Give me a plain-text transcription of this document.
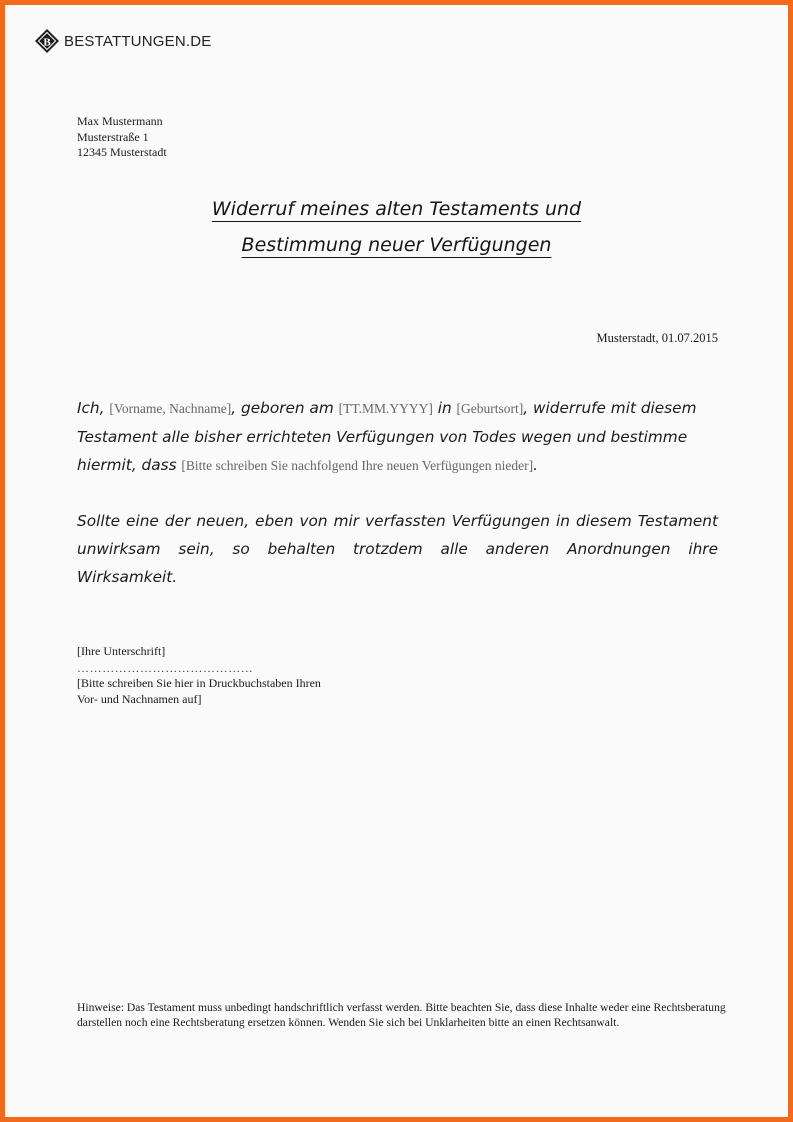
B BESTATTUNGEN.DE
Max Mustermann
Musterstraße 1
12345 Musterstadt
Widerruf meines alten Testaments und
Bestimmung neuer Verfügungen
Musterstadt, 01.07.2015
Ich, [Vorname, Nachname], geboren am [TT.MM.YYYY] in [Geburtsort], widerrufe mit diesem Testament alle bisher errichteten Verfügungen von Todes wegen und bestimme hiermit, dass [Bitte schreiben Sie nachfolgend Ihre neuen Verfügungen nieder].
Sollte eine der neuen, eben von mir verfassten Verfügungen in diesem Testament unwirksam sein, so behalten trotzdem alle anderen Anordnungen ihre Wirksamkeit.
[Ihre Unterschrift]
……………………………………
[Bitte schreiben Sie hier in Druckbuchstaben Ihren
Vor- und Nachnamen auf]
Hinweise: Das Testament muss unbedingt handschriftlich verfasst werden. Bitte beachten Sie, dass diese Inhalte weder eine Rechtsberatung darstellen noch eine Rechtsberatung ersetzen können. Wenden Sie sich bei Unklarheiten bitte an einen Rechtsanwalt.
